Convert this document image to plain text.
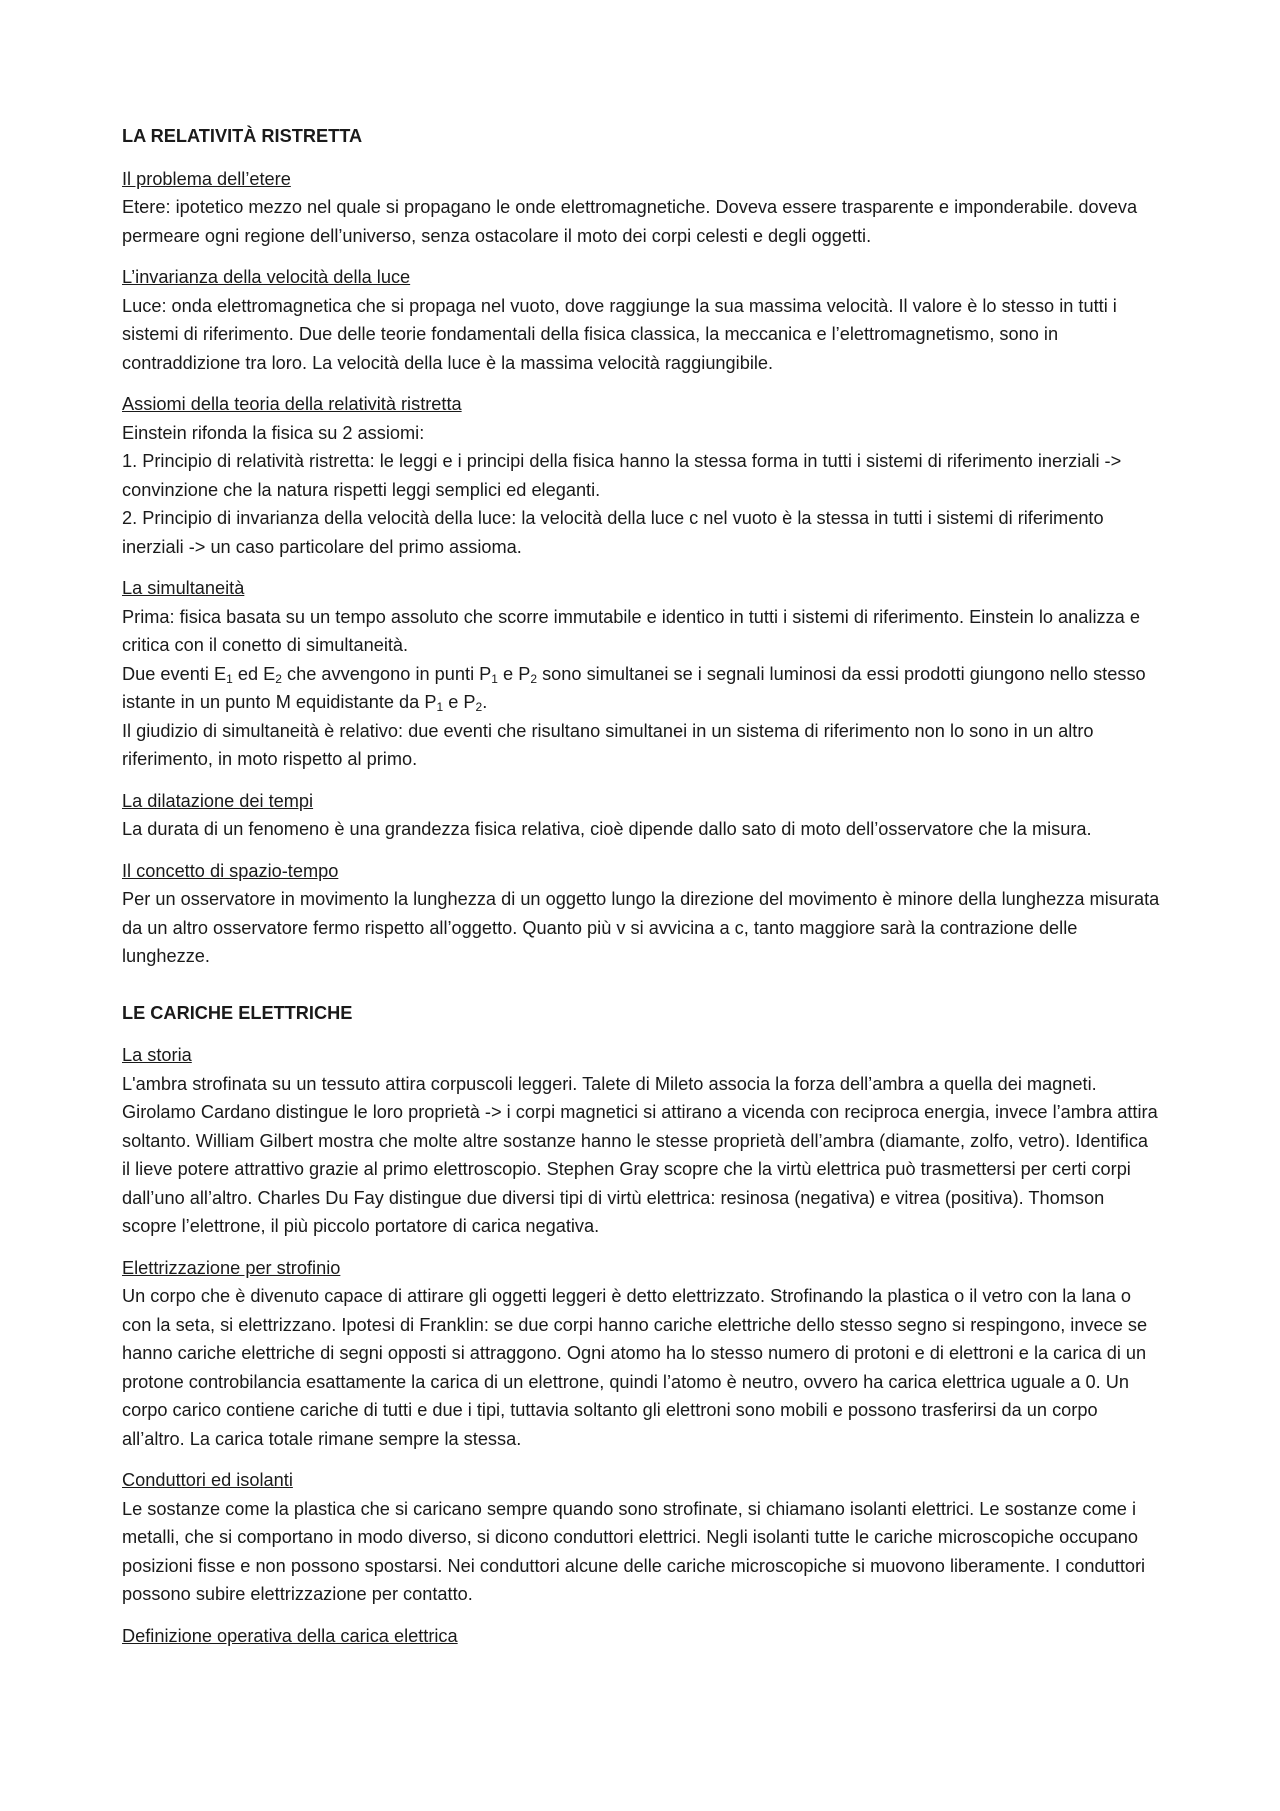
LA RELATIVITÀ RISTRETTA
Il problema dell’etere

Etere: ipotetico mezzo nel quale si propagano le onde elettromagnetiche. Doveva essere trasparente e imponderabile. doveva permeare ogni regione dell’universo, senza ostacolare il moto dei corpi celesti e degli oggetti.

L’invarianza della velocità della luce

Luce: onda elettromagnetica che si propaga nel vuoto, dove raggiunge la sua massima velocità. Il valore è lo stesso in tutti i sistemi di riferimento. Due delle teorie fondamentali della fisica classica, la meccanica e l’elettromagnetismo, sono in contraddizione tra loro. La velocità della luce è la massima velocità raggiungibile.

Assiomi della teoria della relatività ristretta

Einstein rifonda la fisica su 2 assiomi:

1. Principio di relatività ristretta: le leggi e i principi della fisica hanno la stessa forma in tutti i sistemi di riferimento inerziali -> convinzione che la natura rispetti leggi semplici ed eleganti.

2. Principio di invarianza della velocità della luce: la velocità della luce c nel vuoto è la stessa in tutti i sistemi di riferimento inerziali -> un caso particolare del primo assioma.

La simultaneità

Prima: fisica basata su un tempo assoluto che scorre immutabile e identico in tutti i sistemi di riferimento. Einstein lo analizza e critica con il conetto di simultaneità.

Due eventi $E_1$ ed $E_2$ che avvengono in punti $P_1$ e $P_2$ sono simultanei se i segnali luminosi da essi prodotti giungono nello stesso istante in un punto M equidistante da $P_1$ e $P_2$.

Il giudizio di simultaneità è relativo: due eventi che risultano simultanei in un sistema di riferimento non lo sono in un altro riferimento, in moto rispetto al primo.

La dilatazione dei tempi

La durata di un fenomeno è una grandezza fisica relativa, cioè dipende dallo sato di moto dell’osservatore che la misura.

Il concetto di spazio-tempo

Per un osservatore in movimento la lunghezza di un oggetto lungo la direzione del movimento è minore della lunghezza misurata da un altro osservatore fermo rispetto all’oggetto. Quanto più v si avvicina a c, tanto maggiore sarà la contrazione delle lunghezze.

LE CARICHE ELETTRICHE
La storia

L'ambra strofinata su un tessuto attira corpuscoli leggeri. Talete di Mileto associa la forza dell’ambra a quella dei magneti. Girolamo Cardano distingue le loro proprietà -> i corpi magnetici si attirano a vicenda con reciproca energia, invece l’ambra attira soltanto. William Gilbert mostra che molte altre sostanze hanno le stesse proprietà dell’ambra (diamante, zolfo, vetro). Identifica il lieve potere attrattivo grazie al primo elettroscopio. Stephen Gray scopre che la virtù elettrica può trasmettersi per certi corpi dall’uno all’altro. Charles Du Fay distingue due diversi tipi di virtù elettrica: resinosa (negativa) e vitrea (positiva). Thomson scopre l’elettrone, il più piccolo portatore di carica negativa.

Elettrizzazione per strofinio

Un corpo che è divenuto capace di attirare gli oggetti leggeri è detto elettrizzato. Strofinando la plastica o il vetro con la lana o con la seta, si elettrizzano. Ipotesi di Franklin: se due corpi hanno cariche elettriche dello stesso segno si respingono, invece se hanno cariche elettriche di segni opposti si attraggono. Ogni atomo ha lo stesso numero di protoni e di elettroni e la carica di un protone controbilancia esattamente la carica di un elettrone, quindi l’atomo è neutro, ovvero ha carica elettrica uguale a 0. Un corpo carico contiene cariche di tutti e due i tipi, tuttavia soltanto gli elettroni sono mobili e possono trasferirsi da un corpo all’altro. La carica totale rimane sempre la stessa.

Conduttori ed isolanti

Le sostanze come la plastica che si caricano sempre quando sono strofinate, si chiamano isolanti elettrici. Le sostanze come i metalli, che si comportano in modo diverso, si dicono conduttori elettrici. Negli isolanti tutte le cariche microscopiche occupano posizioni fisse e non possono spostarsi. Nei conduttori alcune delle cariche microscopiche si muovono liberamente. I conduttori possono subire elettrizzazione per contatto.

Definizione operativa della carica elettrica
